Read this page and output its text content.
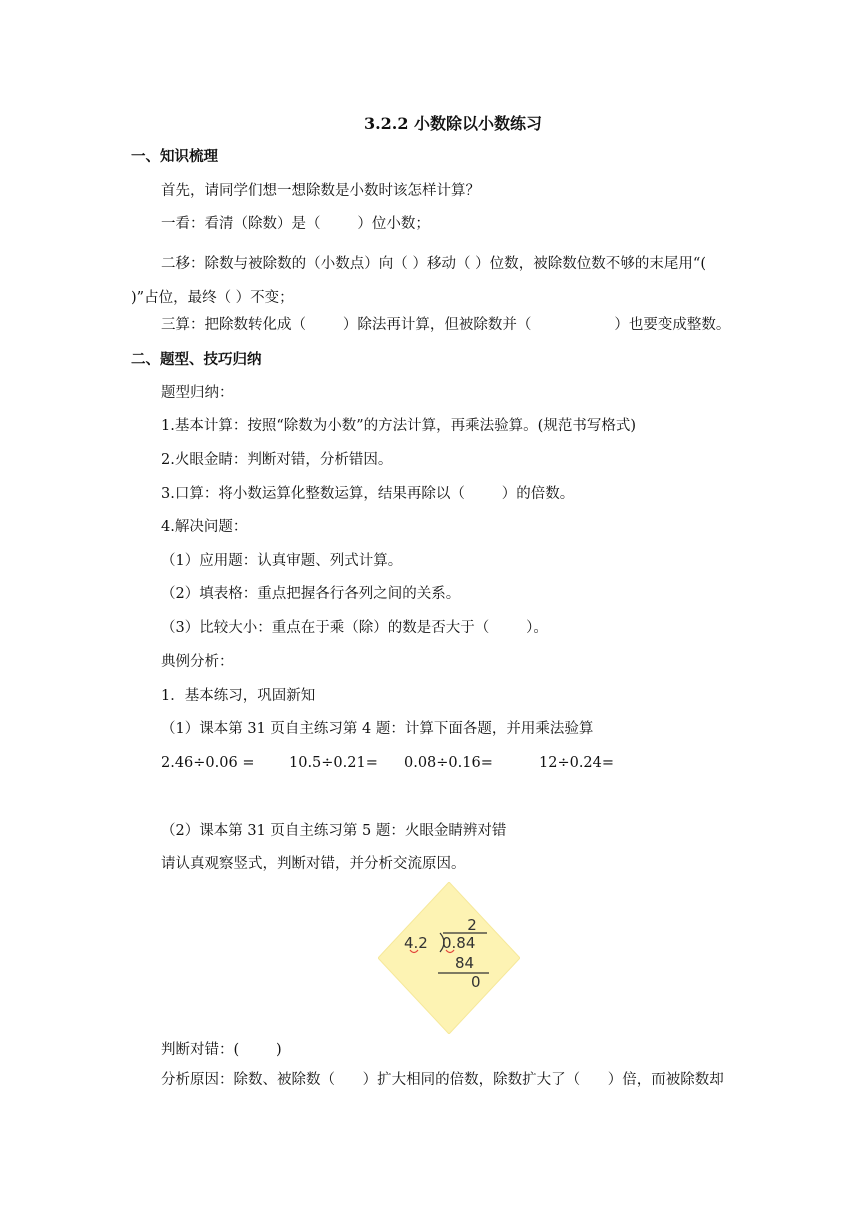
3.2.2 小数除以小数练习
一、知识梳理
首先，请同学们想一想除数是小数时该怎样计算？
一看：看清（除数）是（        ）位小数；
二移：除数与被除数的（小数点）向（ ）移动（ ）位数，被除数位数不够的末尾用“( )”占位，最终（ ）不变；
三算：把除数转化成（        ）除法再计算，但被除数并（                  ）也要变成整数。
二、题型、技巧归纳
题型归纳：
1.基本计算：按照“除数为小数”的方法计算，再乘法验算。(规范书写格式)
2.火眼金睛：判断对错，分析错因。
3.口算：将小数运算化整数运算，结果再除以（        ）的倍数。
4.解决问题：
（1）应用题：认真审题、列式计算。
（2）填表格：重点把握各行各列之间的关系。
（3）比较大小：重点在于乘（除）的数是否大于（        ）。
典例分析：
1．基本练习，巩固新知
（1）课本第 31 页自主练习第 4 题：计算下面各题，并用乘法验算
2.46÷0.06 = 10.5÷0.21= 0.08÷0.16=	12÷0.24=
（2）课本第 31 页自主练习第 5 题：火眼金睛辨对错
请认真观察竖式，判断对错，并分析交流原因。
2
4.2 0.84
84
0
判断对错：(        )
分析原因：除数、被除数（      ）扩大相同的倍数，除数扩大了（      ）倍，而被除数却
